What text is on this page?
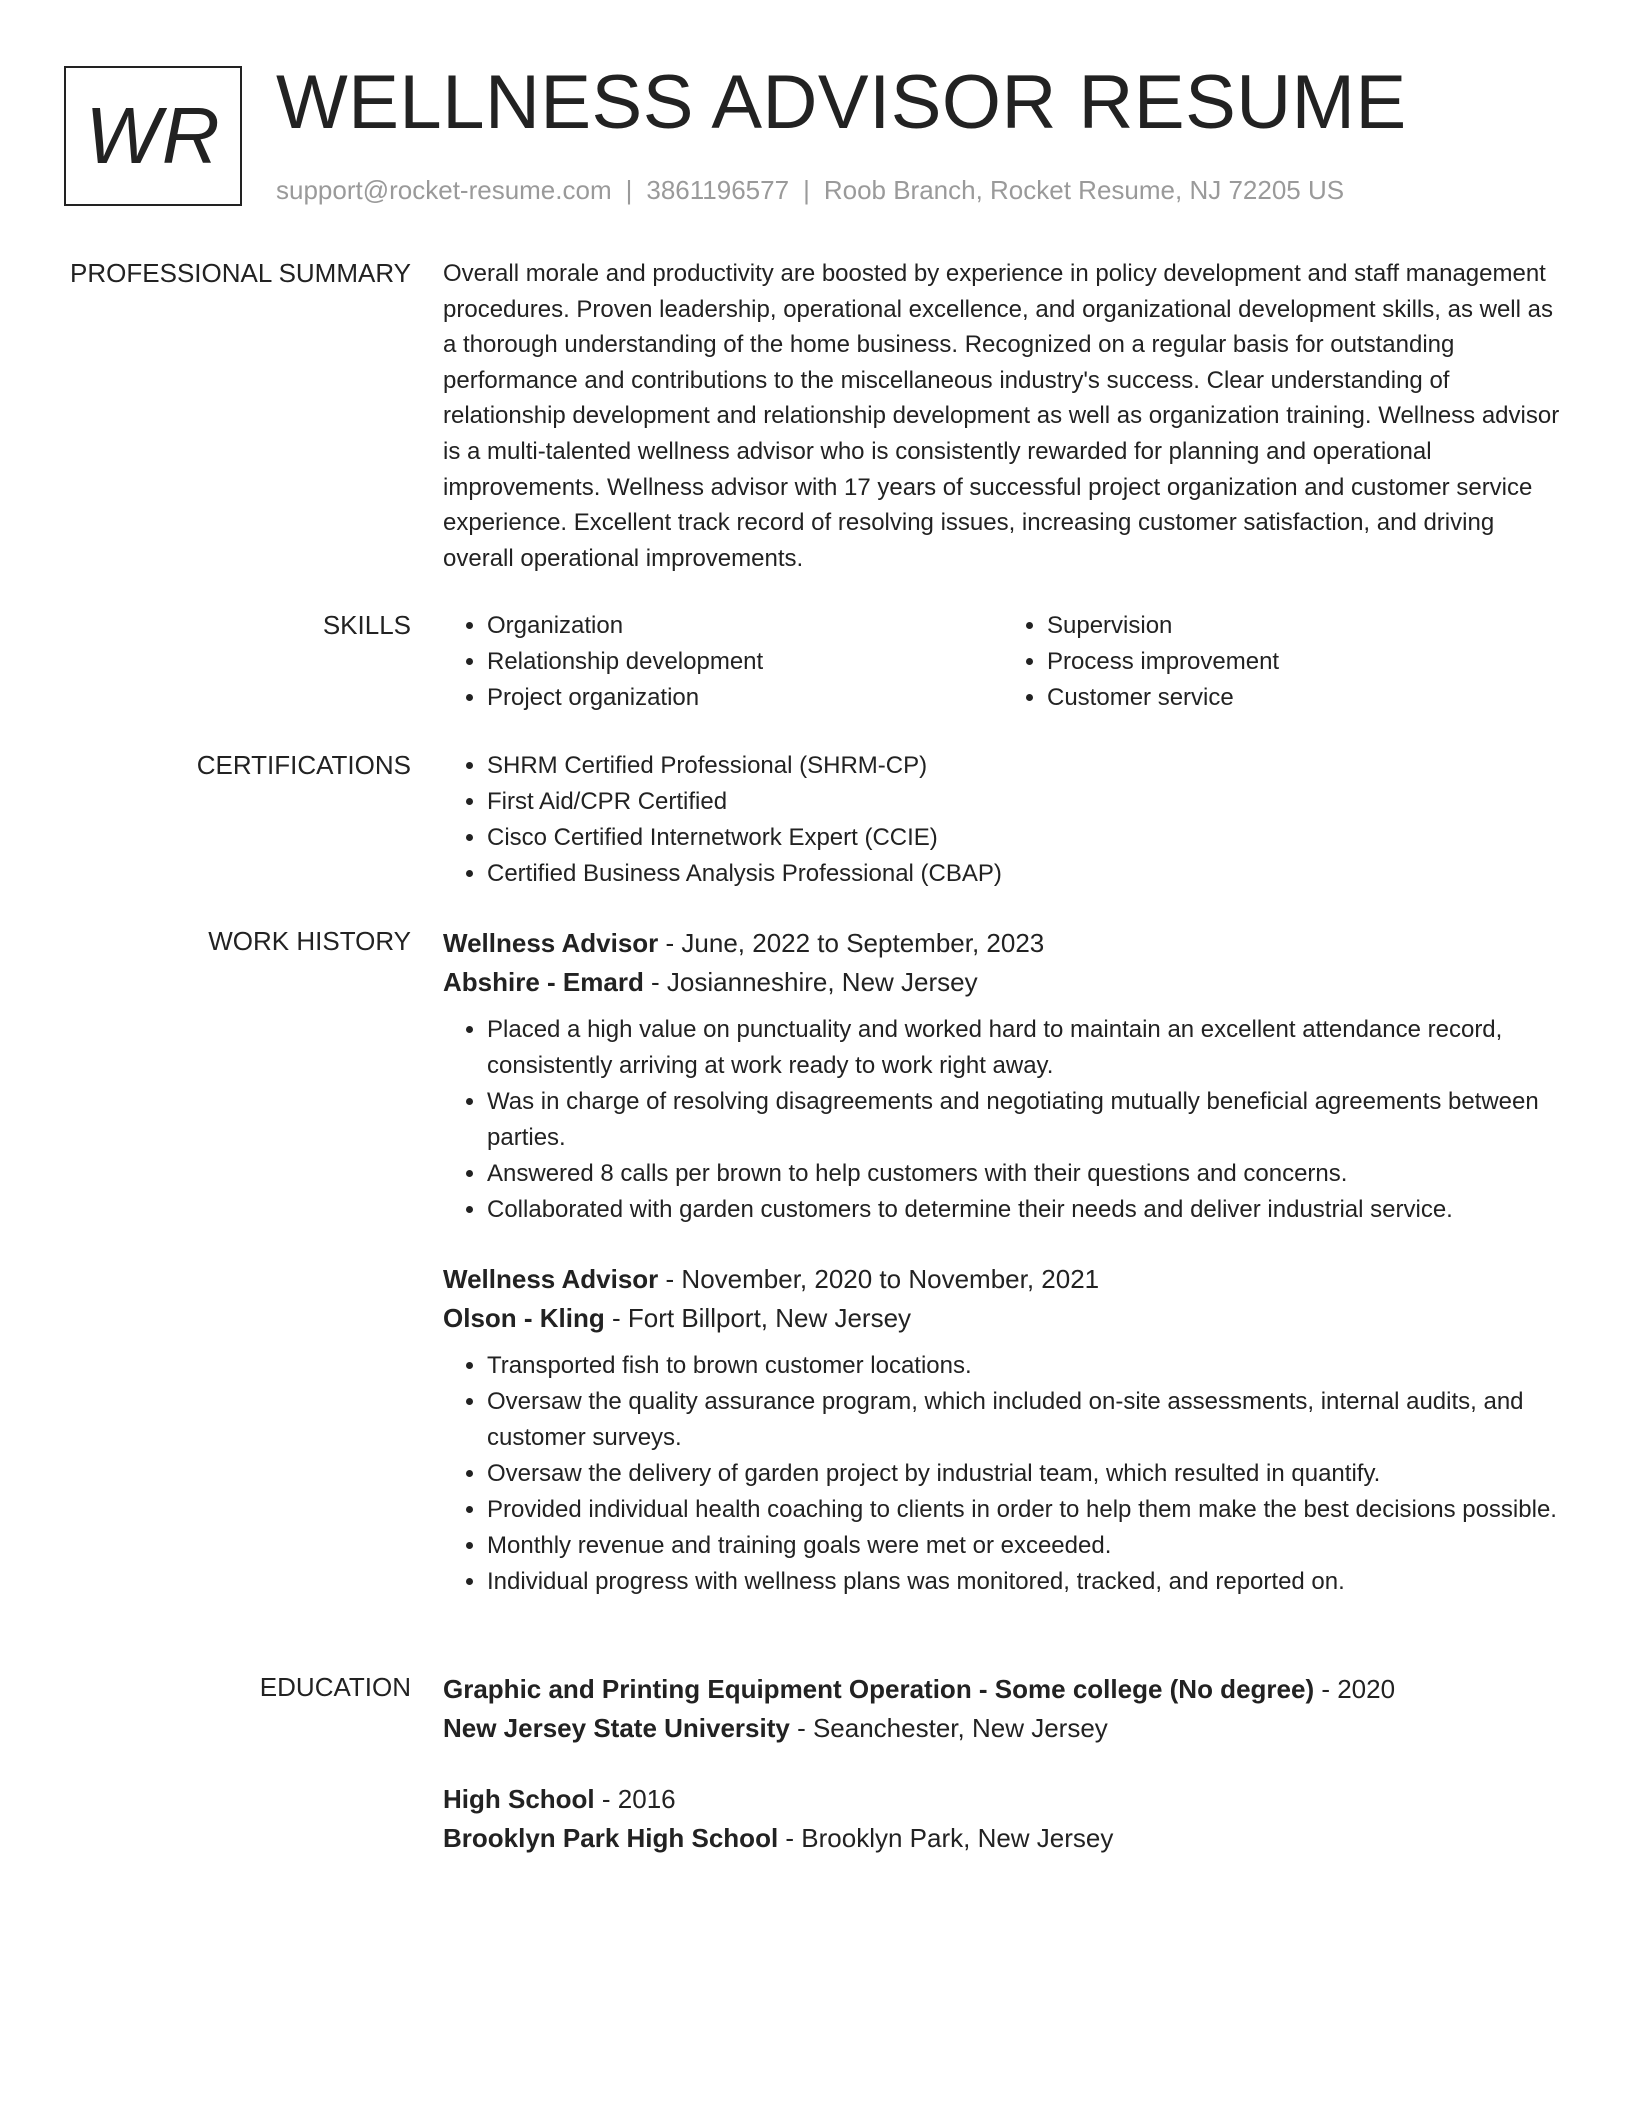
WR WELLNESS ADVISOR RESUME
support@rocket-resume.com | 3861196577 | Roob Branch, Rocket Resume, NJ 72205 US
PROFESSIONAL SUMMARY Overall morale and productivity are boosted by experience in policy development and staff management procedures. Proven leadership, operational excellence, and organizational development skills, as well as a thorough understanding of the home business. Recognized on a regular basis for outstanding performance and contributions to the miscellaneous industry's success. Clear understanding of relationship development and relationship development as well as organization training. Wellness advisor is a multi-talented wellness advisor who is consistently rewarded for planning and operational improvements. Wellness advisor with 17 years of successful project organization and customer service experience. Excellent track record of resolving issues, increasing customer satisfaction, and driving overall operational improvements.

SKILLS	• Organization
• Relationship development
• Project organization
• Supervision
• Process improvement
• Customer service
CERTIFICATIONS	• SHRM Certified Professional (SHRM-CP)
• First Aid/CPR Certified
• Cisco Certified Internetwork Expert (CCIE)
• Certified Business Analysis Professional (CBAP)
WORK HISTORY Wellness Advisor - June, 2022 to September, 2023
Abshire - Emard - Josianneshire, New Jersey
• Placed a high value on punctuality and worked hard to maintain an excellent attendance record, consistently arriving at work ready to work right away.
• Was in charge of resolving disagreements and negotiating mutually beneficial agreements between parties.
• Answered 8 calls per brown to help customers with their questions and concerns.
• Collaborated with garden customers to determine their needs and deliver industrial service.
Wellness Advisor - November, 2020 to November, 2021
Olson - Kling - Fort Billport, New Jersey
• Transported fish to brown customer locations.
• Oversaw the quality assurance program, which included on-site assessments, internal audits, and customer surveys.
• Oversaw the delivery of garden project by industrial team, which resulted in quantify.
• Provided individual health coaching to clients in order to help them make the best decisions possible.
• Monthly revenue and training goals were met or exceeded.
• Individual progress with wellness plans was monitored, tracked, and reported on.
EDUCATION Graphic and Printing Equipment Operation - Some college (No degree) - 2020
New Jersey State University - Seanchester, New Jersey
High School - 2016
Brooklyn Park High School - Brooklyn Park, New Jersey
